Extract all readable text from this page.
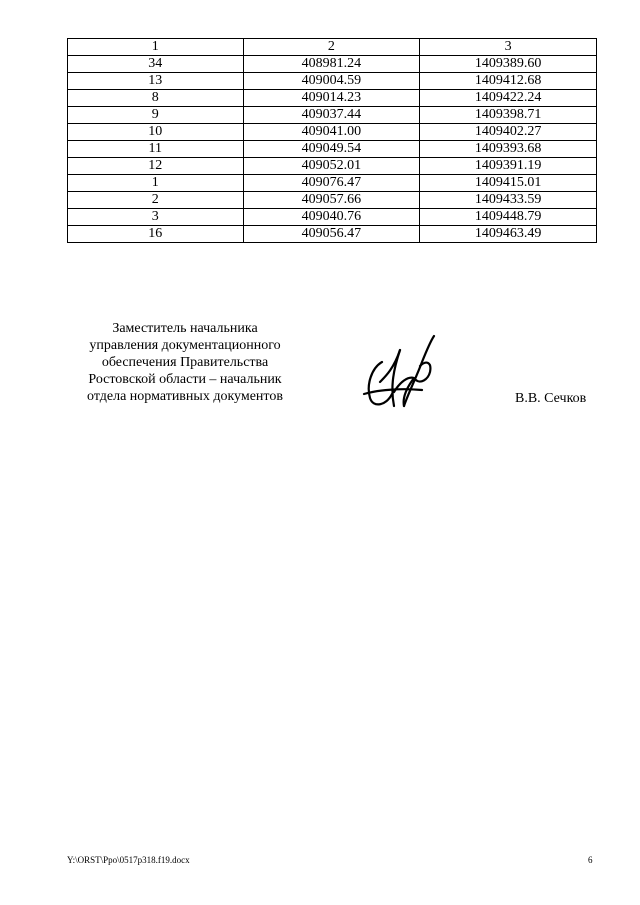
1	2	3
34	408981.24	1409389.60
13	409004.59	1409412.68
8	409014.23	1409422.24
9	409037.44	1409398.71
10	409041.00	1409402.27
11	409049.54	1409393.68
12	409052.01	1409391.19
1	409076.47	1409415.01
2	409057.66	1409433.59
3	409040.76	1409448.79
16	409056.47	1409463.49
Заместитель начальника
управления документационного
обеспечения Правительства
Ростовской области – начальник
отдела нормативных документов	В.В. Сечков
Y:\ORST\Ppo\0517p318.f19.docx	6
